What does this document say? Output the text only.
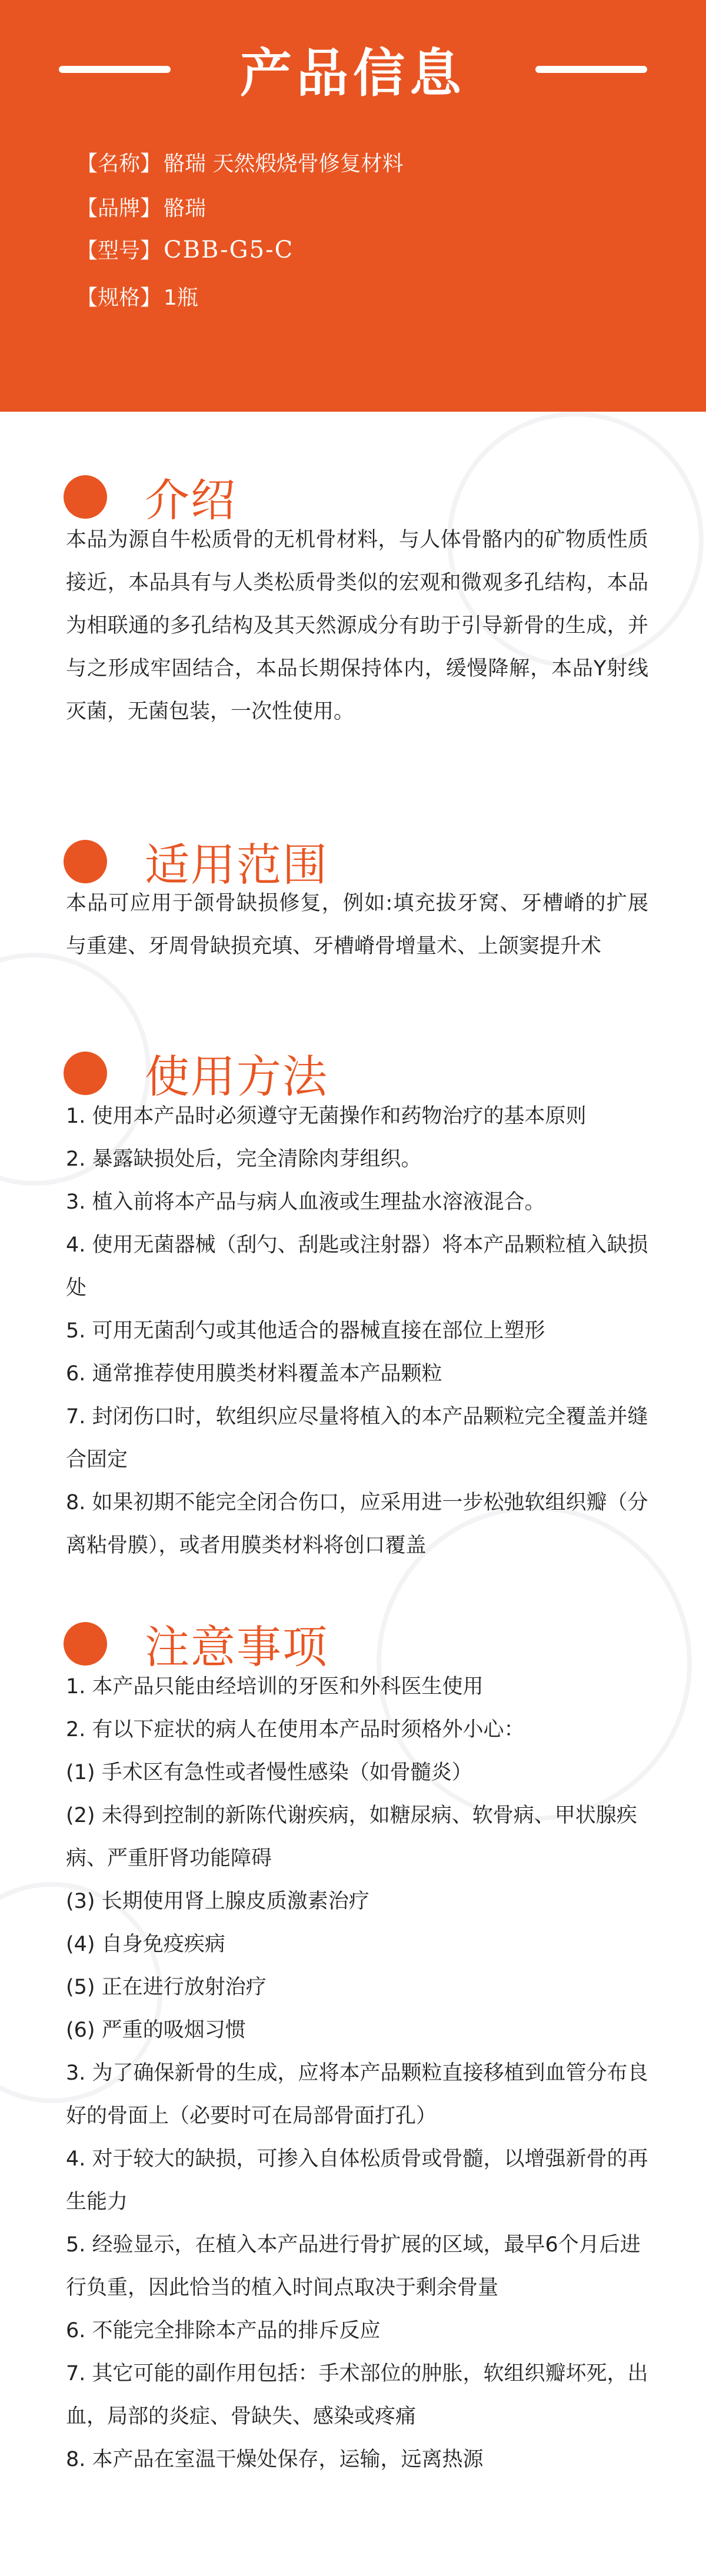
产品信息
【名称】 骼瑞 天然煅烧骨修复材料
【品牌】 骼瑞
【型号】 CBB-G5-C
【规格】 1瓶
介绍
本品为源自牛松质骨的无机骨材料，与人体骨骼内的矿物质性质接近，本品具有与人类松质骨类似的宏观和微观多孔结构，本品为相联通的多孔结构及其天然源成分有助于引导新骨的生成，并与之形成牢固结合，本品长期保持体内，缓慢降解，本品Y射线灭菌，无菌包装，一次性使用。
适用范围
本品可应用于颌骨缺损修复，例如:填充拔牙窝、牙槽嵴的扩展与重建、牙周骨缺损充填、牙槽嵴骨增量术、上颌窦提升术
使用方法

1. 使用本产品时必须遵守无菌操作和药物治疗的基本原则

2. 暴露缺损处后，完全清除肉芽组织。

3. 植入前将本产品与病人血液或生理盐水溶液混合。

4. 使用无菌器械（刮勺、刮匙或注射器）将本产品颗粒植入缺损处

5. 可用无菌刮勺或其他适合的器械直接在部位上塑形

6. 通常推荐使用膜类材料覆盖本产品颗粒

7. 封闭伤口时，软组织应尽量将植入的本产品颗粒完全覆盖并缝合固定

8. 如果初期不能完全闭合伤口，应采用进一步松弛软组织瓣（分离粘骨膜），或者用膜类材料将创口覆盖

注意事项

1. 本产品只能由经培训的牙医和外科医生使用

2. 有以下症状的病人在使用本产品时须格外小心：

(1) 手术区有急性或者慢性感染（如骨髓炎）

(2) 未得到控制的新陈代谢疾病，如糖尿病、软骨病、甲状腺疾病、严重肝肾功能障碍

(3) 长期使用肾上腺皮质激素治疗

(4) 自身免疫疾病

(5) 正在进行放射治疗

(6) 严重的吸烟习惯

3. 为了确保新骨的生成，应将本产品颗粒直接移植到血管分布良好的骨面上（必要时可在局部骨面打孔）

4. 对于较大的缺损，可掺入自体松质骨或骨髓，以增强新骨的再生能力

5. 经验显示，在植入本产品进行骨扩展的区域，最早6个月后进行负重，因此恰当的植入时间点取决于剩余骨量

6. 不能完全排除本产品的排斥反应

7. 其它可能的副作用包括：手术部位的肿胀，软组织瓣坏死，出血，局部的炎症、骨缺失、感染或疼痛

8. 本产品在室温干燥处保存，运输，远离热源
